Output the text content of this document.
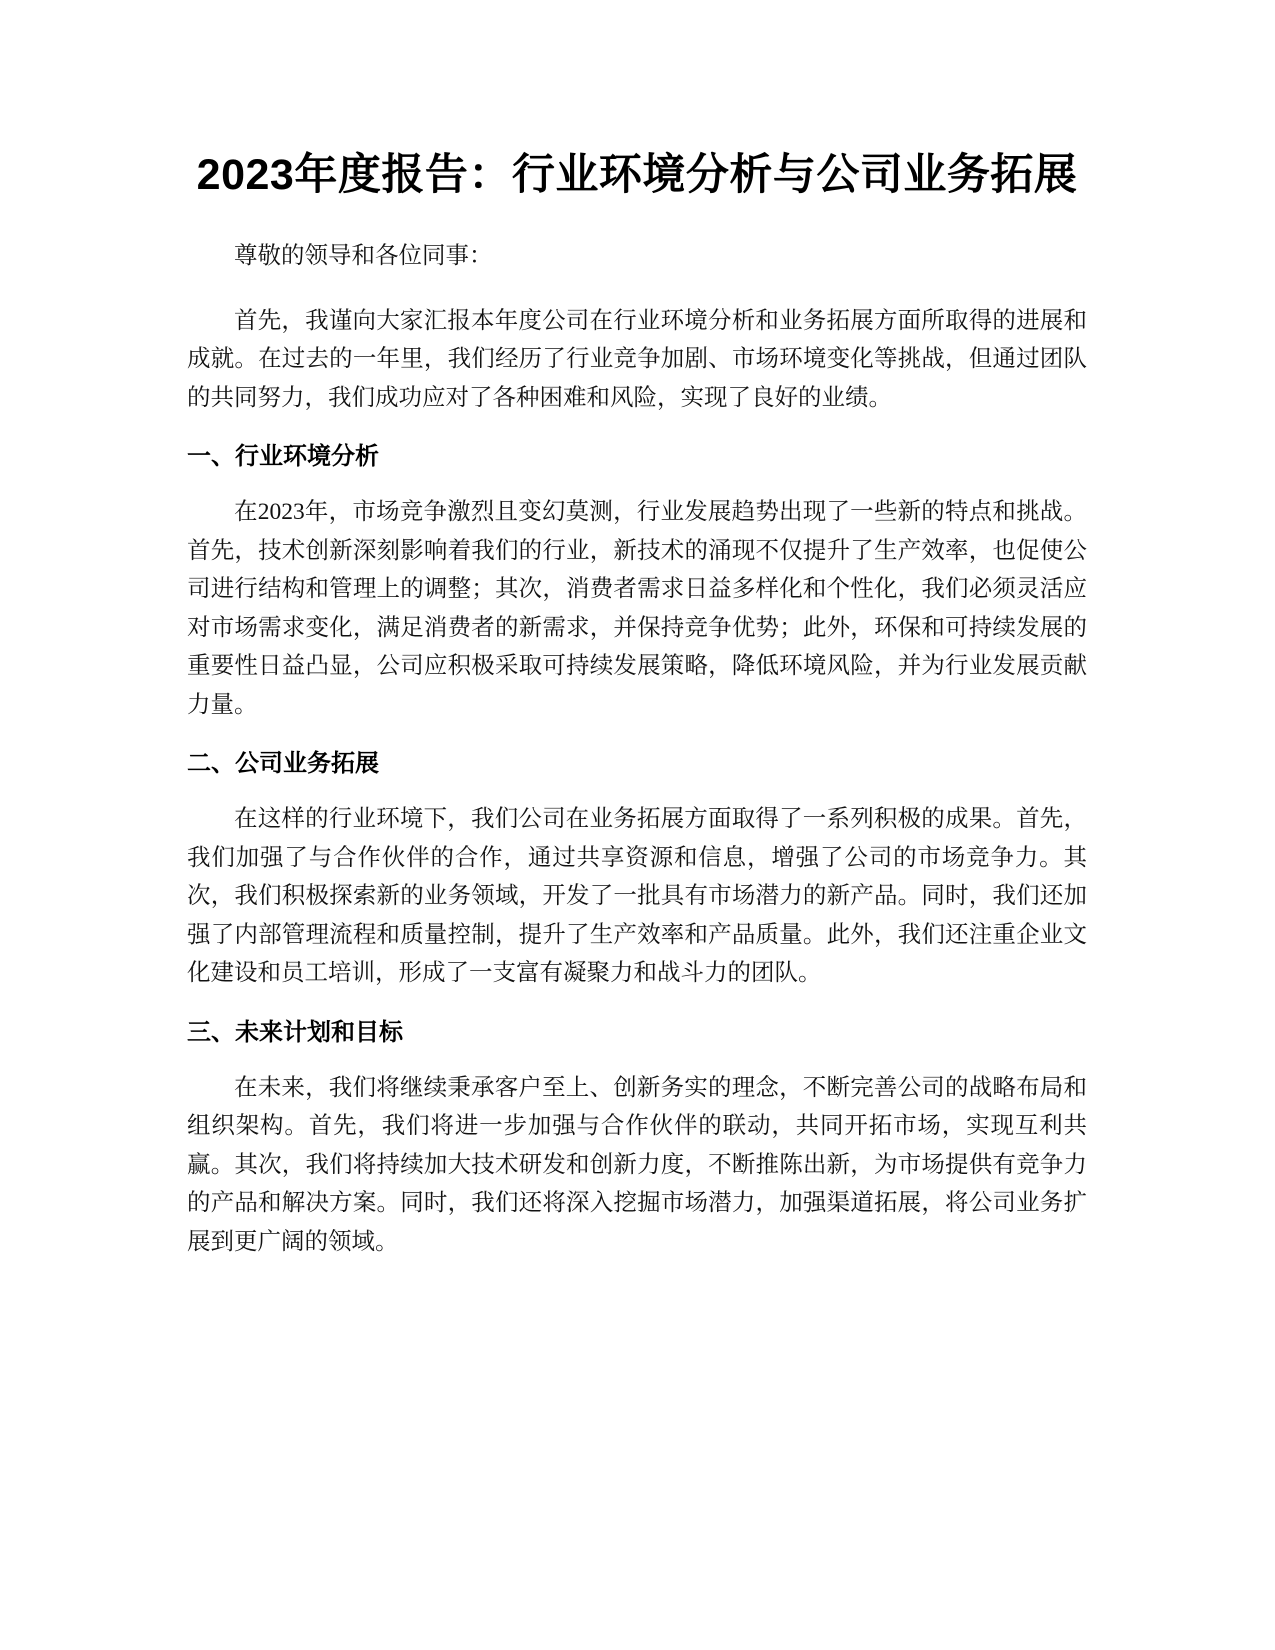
2023年度报告：行业环境分析与公司业务拓展

尊敬的领导和各位同事：

首先，我谨向大家汇报本年度公司在行业环境分析和业务拓展方面所取得的进展和成就。在过去的一年里，我们经历了行业竞争加剧、市场环境变化等挑战，但通过团队的共同努力，我们成功应对了各种困难和风险，实现了良好的业绩。

一、行业环境分析

在2023年，市场竞争激烈且变幻莫测，行业发展趋势出现了一些新的特点和挑战。首先，技术创新深刻影响着我们的行业，新技术的涌现不仅提升了生产效率，也促使公司进行结构和管理上的调整；其次，消费者需求日益多样化和个性化，我们必须灵活应对市场需求变化，满足消费者的新需求，并保持竞争优势；此外，环保和可持续发展的重要性日益凸显，公司应积极采取可持续发展策略，降低环境风险，并为行业发展贡献力量。

二、公司业务拓展

在这样的行业环境下，我们公司在业务拓展方面取得了一系列积极的成果。首先，我们加强了与合作伙伴的合作，通过共享资源和信息，增强了公司的市场竞争力。其次，我们积极探索新的业务领域，开发了一批具有市场潜力的新产品。同时，我们还加强了内部管理流程和质量控制，提升了生产效率和产品质量。此外，我们还注重企业文化建设和员工培训，形成了一支富有凝聚力和战斗力的团队。

三、未来计划和目标

在未来，我们将继续秉承客户至上、创新务实的理念，不断完善公司的战略布局和组织架构。首先，我们将进一步加强与合作伙伴的联动，共同开拓市场，实现互利共赢。其次，我们将持续加大技术研发和创新力度，不断推陈出新，为市场提供有竞争力的产品和解决方案。同时，我们还将深入挖掘市场潜力，加强渠道拓展，将公司业务扩展到更广阔的领域。
